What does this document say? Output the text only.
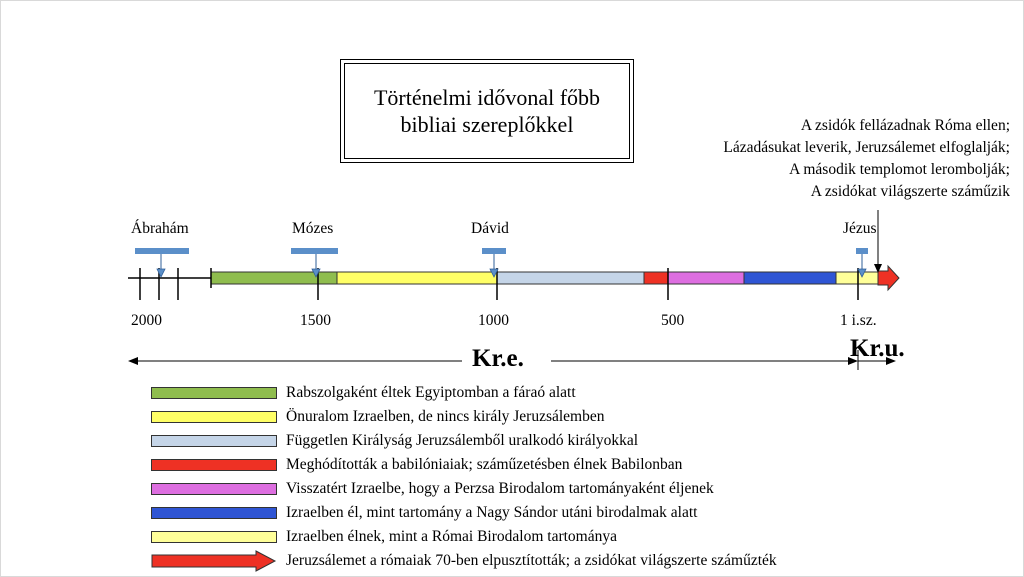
Történelmi idővonal főbb
bibliai szereplőkkel	A zsidók fellázadnak Róma ellen;
Lázadásukat leverik, Jeruzsálemet elfoglalják;
A második templomot lerombolják;
A zsidókat világszerte száműzik
Ábrahám	Mózes	Dávid	Jézus
2000	1500	1000	500	1 i.sz.
Kr.e.	Kr.u.
Rabszolgaként éltek Egyiptomban a fáraó alatt
Önuralom Izraelben, de nincs király Jeruzsálemben
Független Királyság Jeruzsálemből uralkodó királyokkal
Meghódították a babilóniaiak; száműzetésben élnek Babilonban
Visszatért Izraelbe, hogy a Perzsa Birodalom tartományaként éljenek
Izraelben él, mint tartomány a Nagy Sándor utáni birodalmak alatt
Izraelben élnek, mint a Római Birodalom tartománya
Jeruzsálemet a rómaiak 70-ben elpusztították; a zsidókat világszerte száműzték
